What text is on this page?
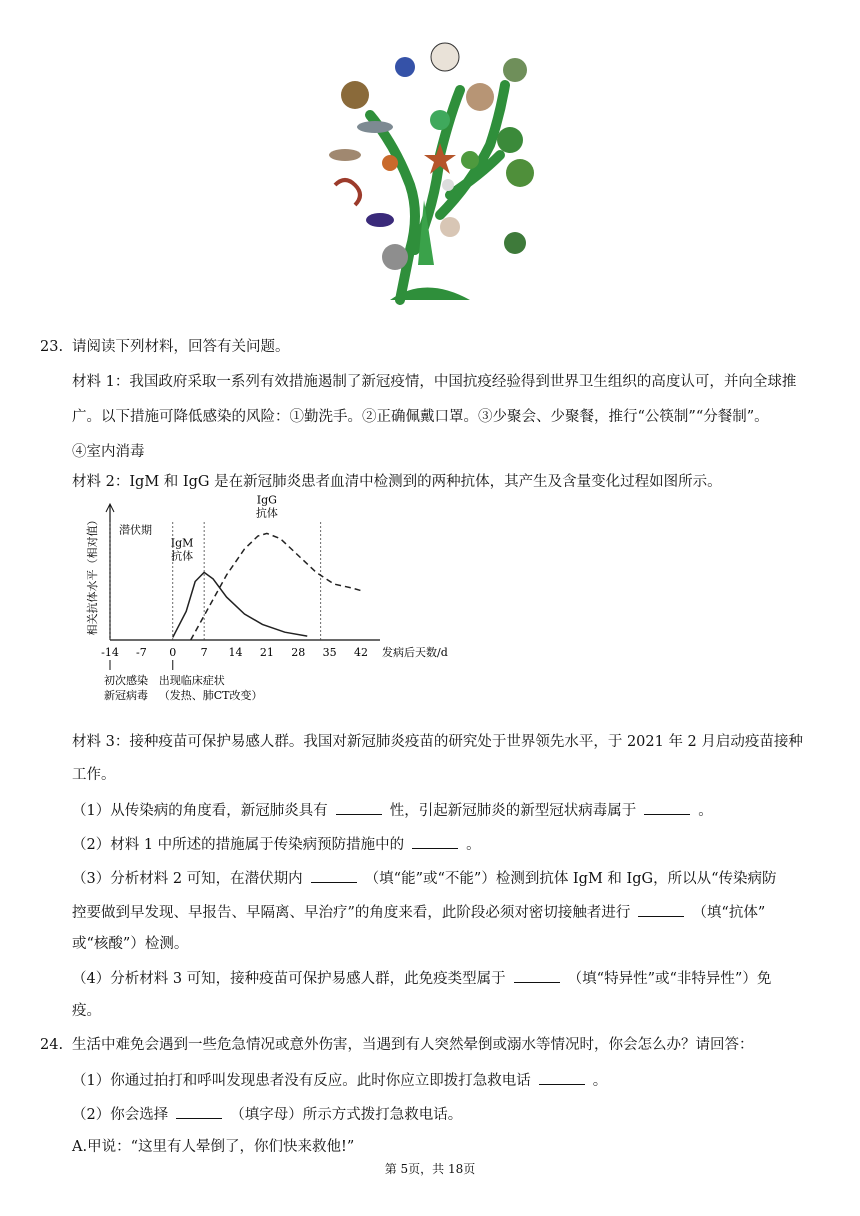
23. 请阅读下列材料，回答有关问题。
材料 1：我国政府采取一系列有效措施遏制了新冠疫情，中国抗疫经验得到世界卫生组织的高度认可，并向全球推
广。以下措施可降低感染的风险：①勤洗手。②正确佩戴口罩。③少聚会、少聚餐，推行“公筷制”“分餐制”。
④室内消毒
材料 2：IgM 和 IgG 是在新冠肺炎患者血清中检测到的两种抗体，其产生及含量变化过程如图所示。
-14 -7 0 7 14 21 28 35 42 发病后天数/d
相关抗体水平（相对值）	IgM
抗体
IgG
抗体
潜伏期
初次感染
新冠病毒
出现临床症状
（发热、肺CT改变）
材料 3：接种疫苗可保护易感人群。我国对新冠肺炎疫苗的研究处于世界领先水平，于 2021 年 2 月启动疫苗接种
工作。
（1）从传染病的角度看，新冠肺炎具有	性，引起新冠肺炎的新型冠状病毒属于	。
（2）材料 1 中所述的措施属于传染病预防措施中的	。
（3）分析材料 2 可知，在潜伏期内	（填“能”或“不能”）检测到抗体 IgM 和 IgG，所以从“传染病防
控要做到早发现、早报告、早隔离、早治疗”的角度来看，此阶段必须对密切接触者进行	（填“抗体”
或“核酸”）检测。
（4）分析材料 3 可知，接种疫苗可保护易感人群，此免疫类型属于	（填“特异性”或“非特异性”）免
疫。
24. 生活中难免会遇到一些危急情况或意外伤害，当遇到有人突然晕倒或溺水等情况时，你会怎么办？请回答：
（1）你通过拍打和呼叫发现患者没有反应。此时你应立即拨打急救电话	。
（2）你会选择	（填字母）所示方式拨打急救电话。
A.甲说：“这里有人晕倒了，你们快来救他!”
第 5页，共 18页
